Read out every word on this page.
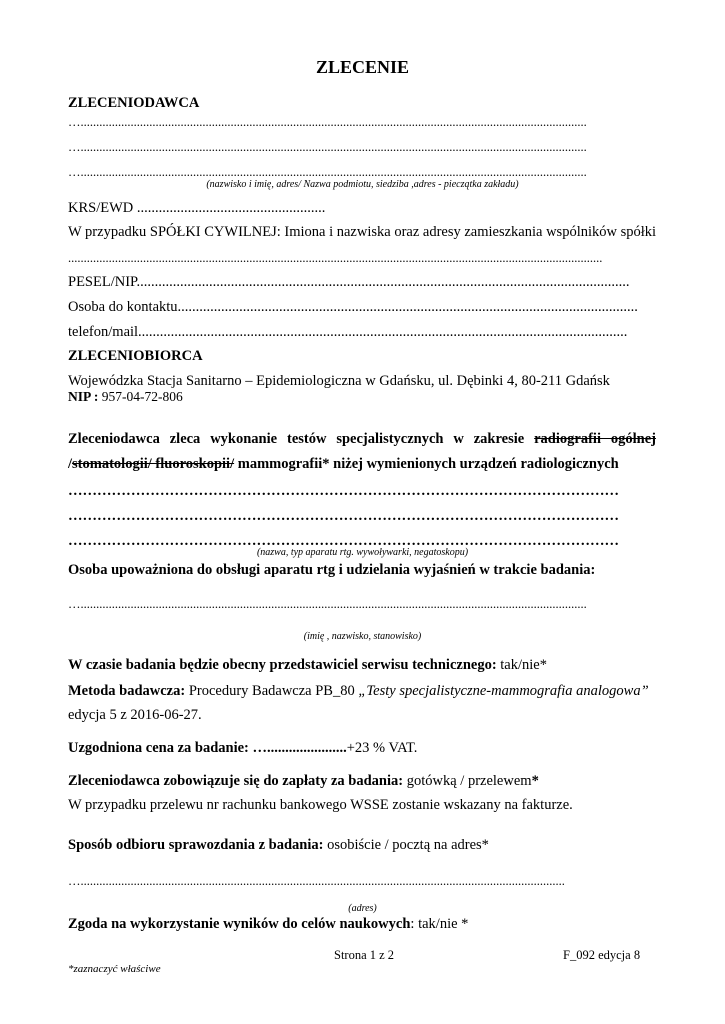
ZLECENIE
ZLECENIODAWCA
…..................................................................................................................................................................
…..................................................................................................................................................................
…..................................................................................................................................................................
(nazwisko i imię, adres/ Nazwa podmiotu, siedziba ,adres - pieczątka zakładu)
KRS/EWD ....................................................
W przypadku SPÓŁKI CYWILNEJ: Imiona i nazwiska oraz adresy zamieszkania wspólników spółki
...........................................................................................................................................................................
PESEL/NIP........................................................................................................................................
Osoba do kontaktu...............................................................................................................................
telefon/mail.......................................................................................................................................
ZLECENIOBIORCA
Wojewódzka Stacja Sanitarno – Epidemiologiczna w Gdańsku, ul. Dębinki 4, 80-211 Gdańsk
NIP : 957-04-72-806
Zleceniodawca zleca wykonanie testów specjalistycznych w zakresie radiografii ogólnej
/stomatologii/ fluoroskopii/ mammografii* niżej wymienionych urządzeń radiologicznych
……………………………………………………………………………………………………
……………………………………………………………………………………………………
……………………………………………………………………………………………………
(nazwa, typ aparatu rtg. wywoływarki, negatoskopu)
Osoba upoważniona do obsługi aparatu rtg i udzielania wyjaśnień w trakcie badania:
…..................................................................................................................................................................
(imię , nazwisko, stanowisko)
W czasie badania będzie obecny przedstawiciel serwisu technicznego: tak/nie*
Metoda badawcza: Procedury Badawcza PB_80 „Testy specjalistyczne-mammografia analogowa”
edycja 5 z 2016-06-27.
Uzgodniona cena za badanie: …......................+23 % VAT.
Zleceniodawca zobowiązuje się do zapłaty za badania: gotówką / przelewem*
W przypadku przelewu nr rachunku bankowego WSSE zostanie wskazany na fakturze.
Sposób odbioru sprawozdania z badania: osobiście / pocztą na adres*
…...........................................................................................................................................................
(adres)
Zgoda na wykorzystanie wyników do celów naukowych: tak/nie *
Strona 1 z 2	F_092 edycja 8
*zaznaczyć właściwe
